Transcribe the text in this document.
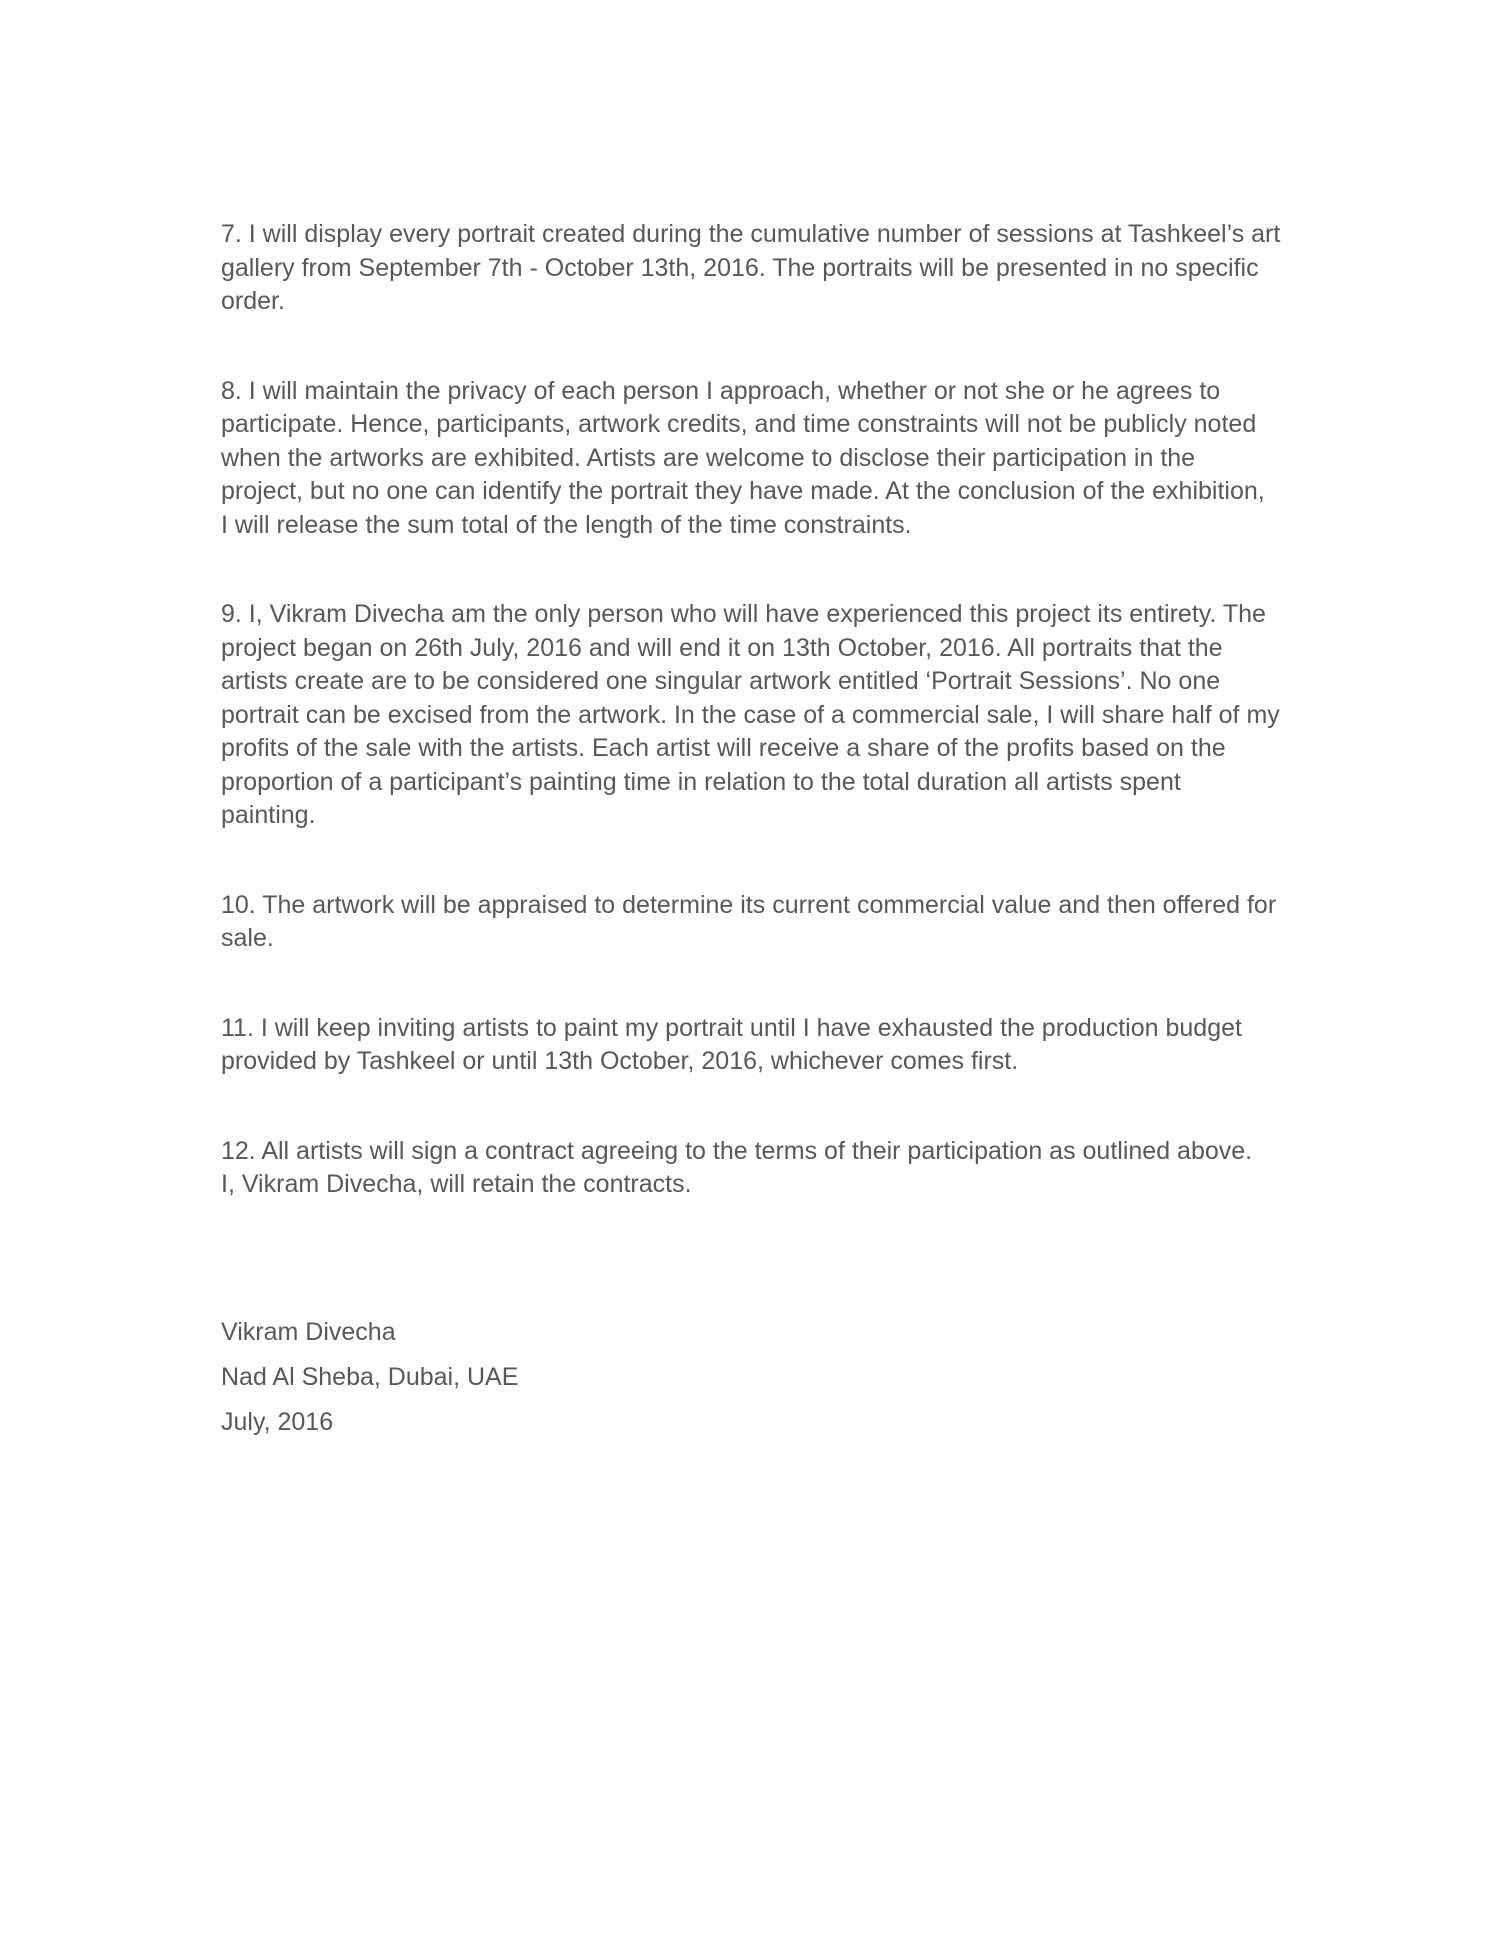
7. I will display every portrait created during the cumulative number of sessions at Tashkeel’s art
gallery from September 7th - October 13th, 2016. The portraits will be presented in no specific
order.

8. I will maintain the privacy of each person I approach, whether or not she or he agrees to
participate. Hence, participants, artwork credits, and time constraints will not be publicly noted
when the artworks are exhibited. Artists are welcome to disclose their participation in the
project, but no one can identify the portrait they have made. At the conclusion of the exhibition,
I will release the sum total of the length of the time constraints.

9. I, Vikram Divecha am the only person who will have experienced this project its entirety. The
project began on 26th July, 2016 and will end it on 13th October, 2016. All portraits that the
artists create are to be considered one singular artwork entitled ‘Portrait Sessions’. No one
portrait can be excised from the artwork. In the case of a commercial sale, I will share half of my
profits of the sale with the artists. Each artist will receive a share of the profits based on the
proportion of a participant’s painting time in relation to the total duration all artists spent
painting.

10. The artwork will be appraised to determine its current commercial value and then offered for
sale.

11. I will keep inviting artists to paint my portrait until I have exhausted the production budget
provided by Tashkeel or until 13th October, 2016, whichever comes first.

12. All artists will sign a contract agreeing to the terms of their participation as outlined above.
I, Vikram Divecha, will retain the contracts.

Vikram Divecha
Nad Al Sheba, Dubai, UAE
July, 2016
